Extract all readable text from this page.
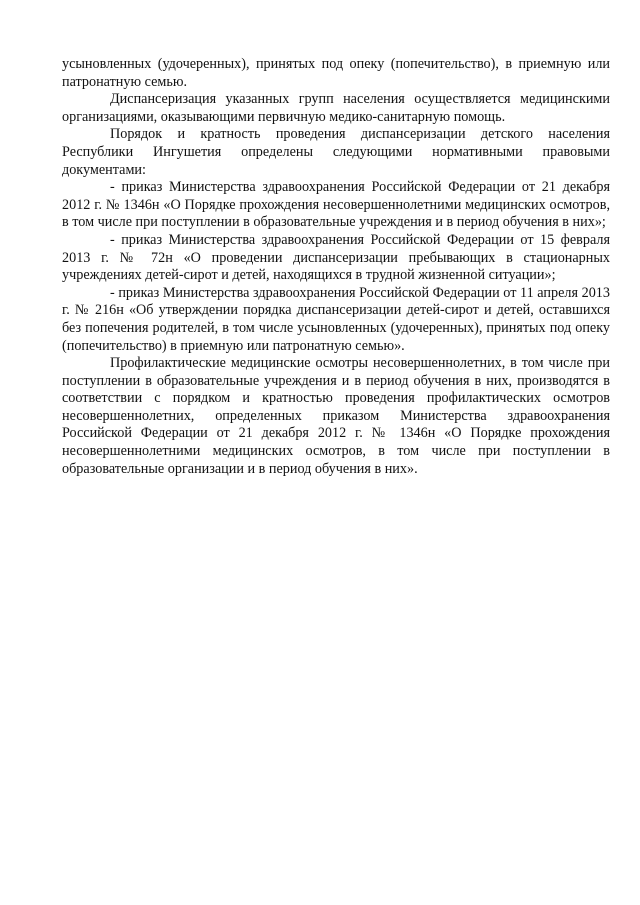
усыновленных (удочеренных), принятых под опеку (попечительство), в приемную или патронатную семью.

Диспансеризация указанных групп населения осуществляется медицинскими организациями, оказывающими первичную медико-санитарную помощь.

Порядок и кратность проведения диспансеризации детского населения Республики Ингушетия определены следующими нормативными правовыми документами:

- приказ Министерства здравоохранения Российской Федерации от 21 декабря 2012 г. № 1346н «О Порядке прохождения несовершеннолетними медицинских осмотров, в том числе при поступлении в образовательные учреждения и в период обучения в них»;

- приказ Министерства здравоохранения Российской Федерации от 15 февраля 2013 г. № 72н «О проведении диспансеризации пребывающих в стационарных учреждениях детей-сирот и детей, находящихся в трудной жизненной ситуации»;

- приказ Министерства здравоохранения Российской Федерации от 11 апреля 2013 г. № 216н «Об утверждении порядка диспансеризации детей-сирот и детей, оставшихся без попечения родителей, в том числе усыновленных (удочеренных), принятых под опеку (попечительство) в приемную или патронатную семью».

Профилактические медицинские осмотры несовершеннолетних, в том числе при поступлении в образовательные учреждения и в период обучения в них, производятся в соответствии с порядком и кратностью проведения профилактических осмотров несовершеннолетних, определенных приказом Министерства здравоохранения Российской Федерации от 21 декабря 2012 г. № 1346н «О Порядке прохождения несовершеннолетними медицинских осмотров, в том числе при поступлении в образовательные организации и в период обучения в них».
